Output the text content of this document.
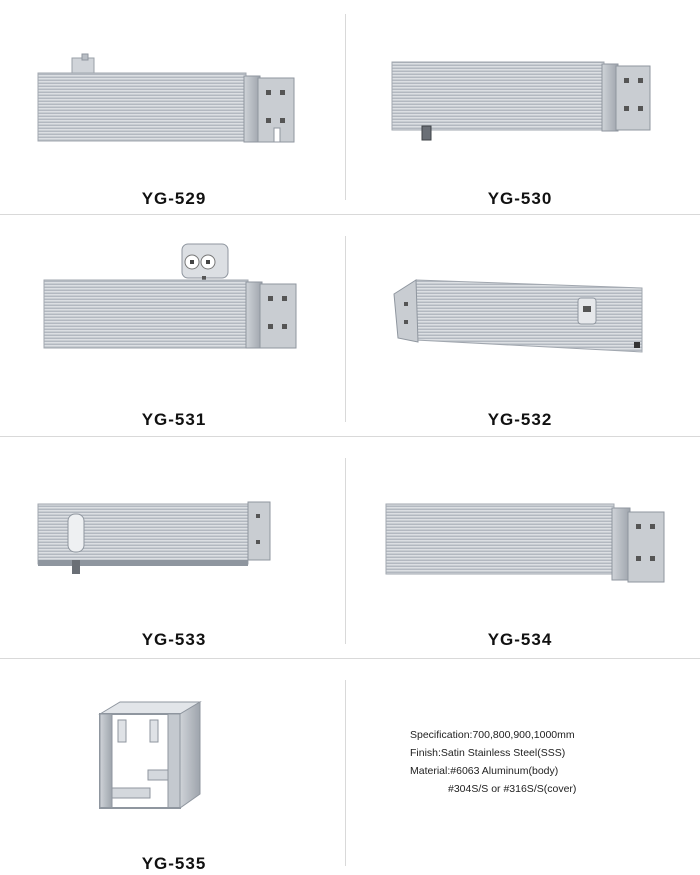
YG-529	YG-530
YG-531	YG-532
YG-533	YG-534
YG-535
Specification:700,800,900,1000mm
Finish:Satin Stainless Steel(SSS)
Material:#6063 Aluminum(body)
#304S/S or #316S/S(cover)
